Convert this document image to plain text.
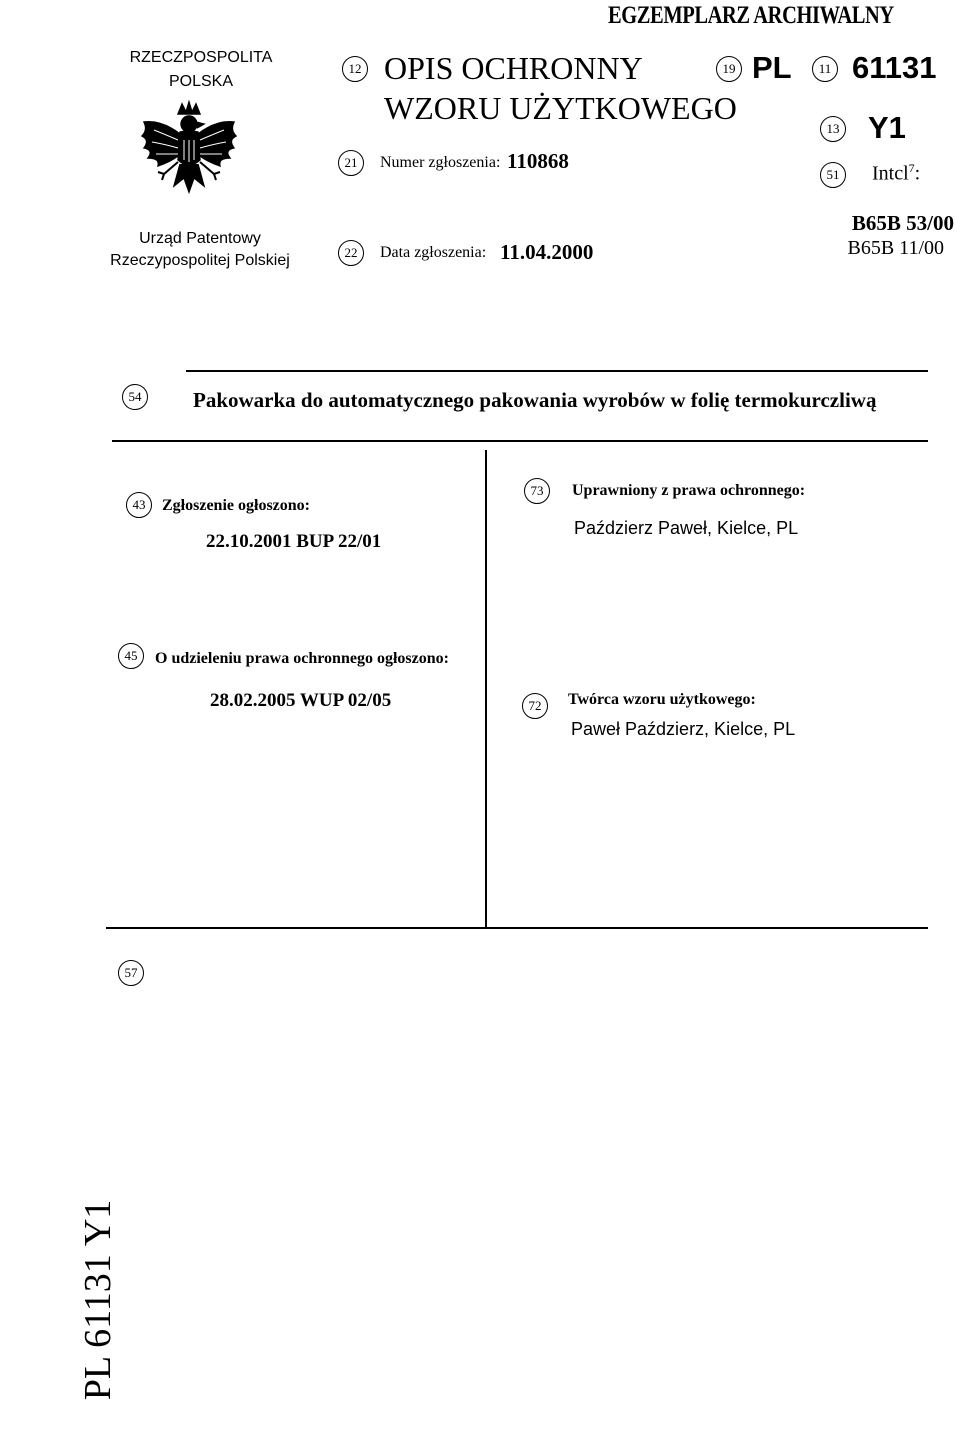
EGZEMPLARZ ARCHIWALNY
RZECZPOSPOLITA
POLSKA
Urząd Patentowy
Rzeczypospolitej Polskiej
12 OPIS OCHRONNY
WZORU UŻYTKOWEGO
19 PL	11 61131
13 Y1
21	Numer zgłoszenia: 110868
22	Data zgłoszenia: 11.04.2000
51	Intcl$^7$:
B65B 53/00
B65B 11/00
54	Pakowarka do automatycznego pakowania wyrobów w folię termokurczliwą
43	Zgłoszenie ogłoszono:
22.10.2001 BUP 22/01
73	Uprawniony z prawa ochronnego:
Paździerz Paweł, Kielce, PL
45	O udzieleniu prawa ochronnego ogłoszono:
28.02.2005 WUP 02/05	72	Twórca wzoru użytkowego:
Paweł Paździerz, Kielce, PL
57
PL 61131 Y1
